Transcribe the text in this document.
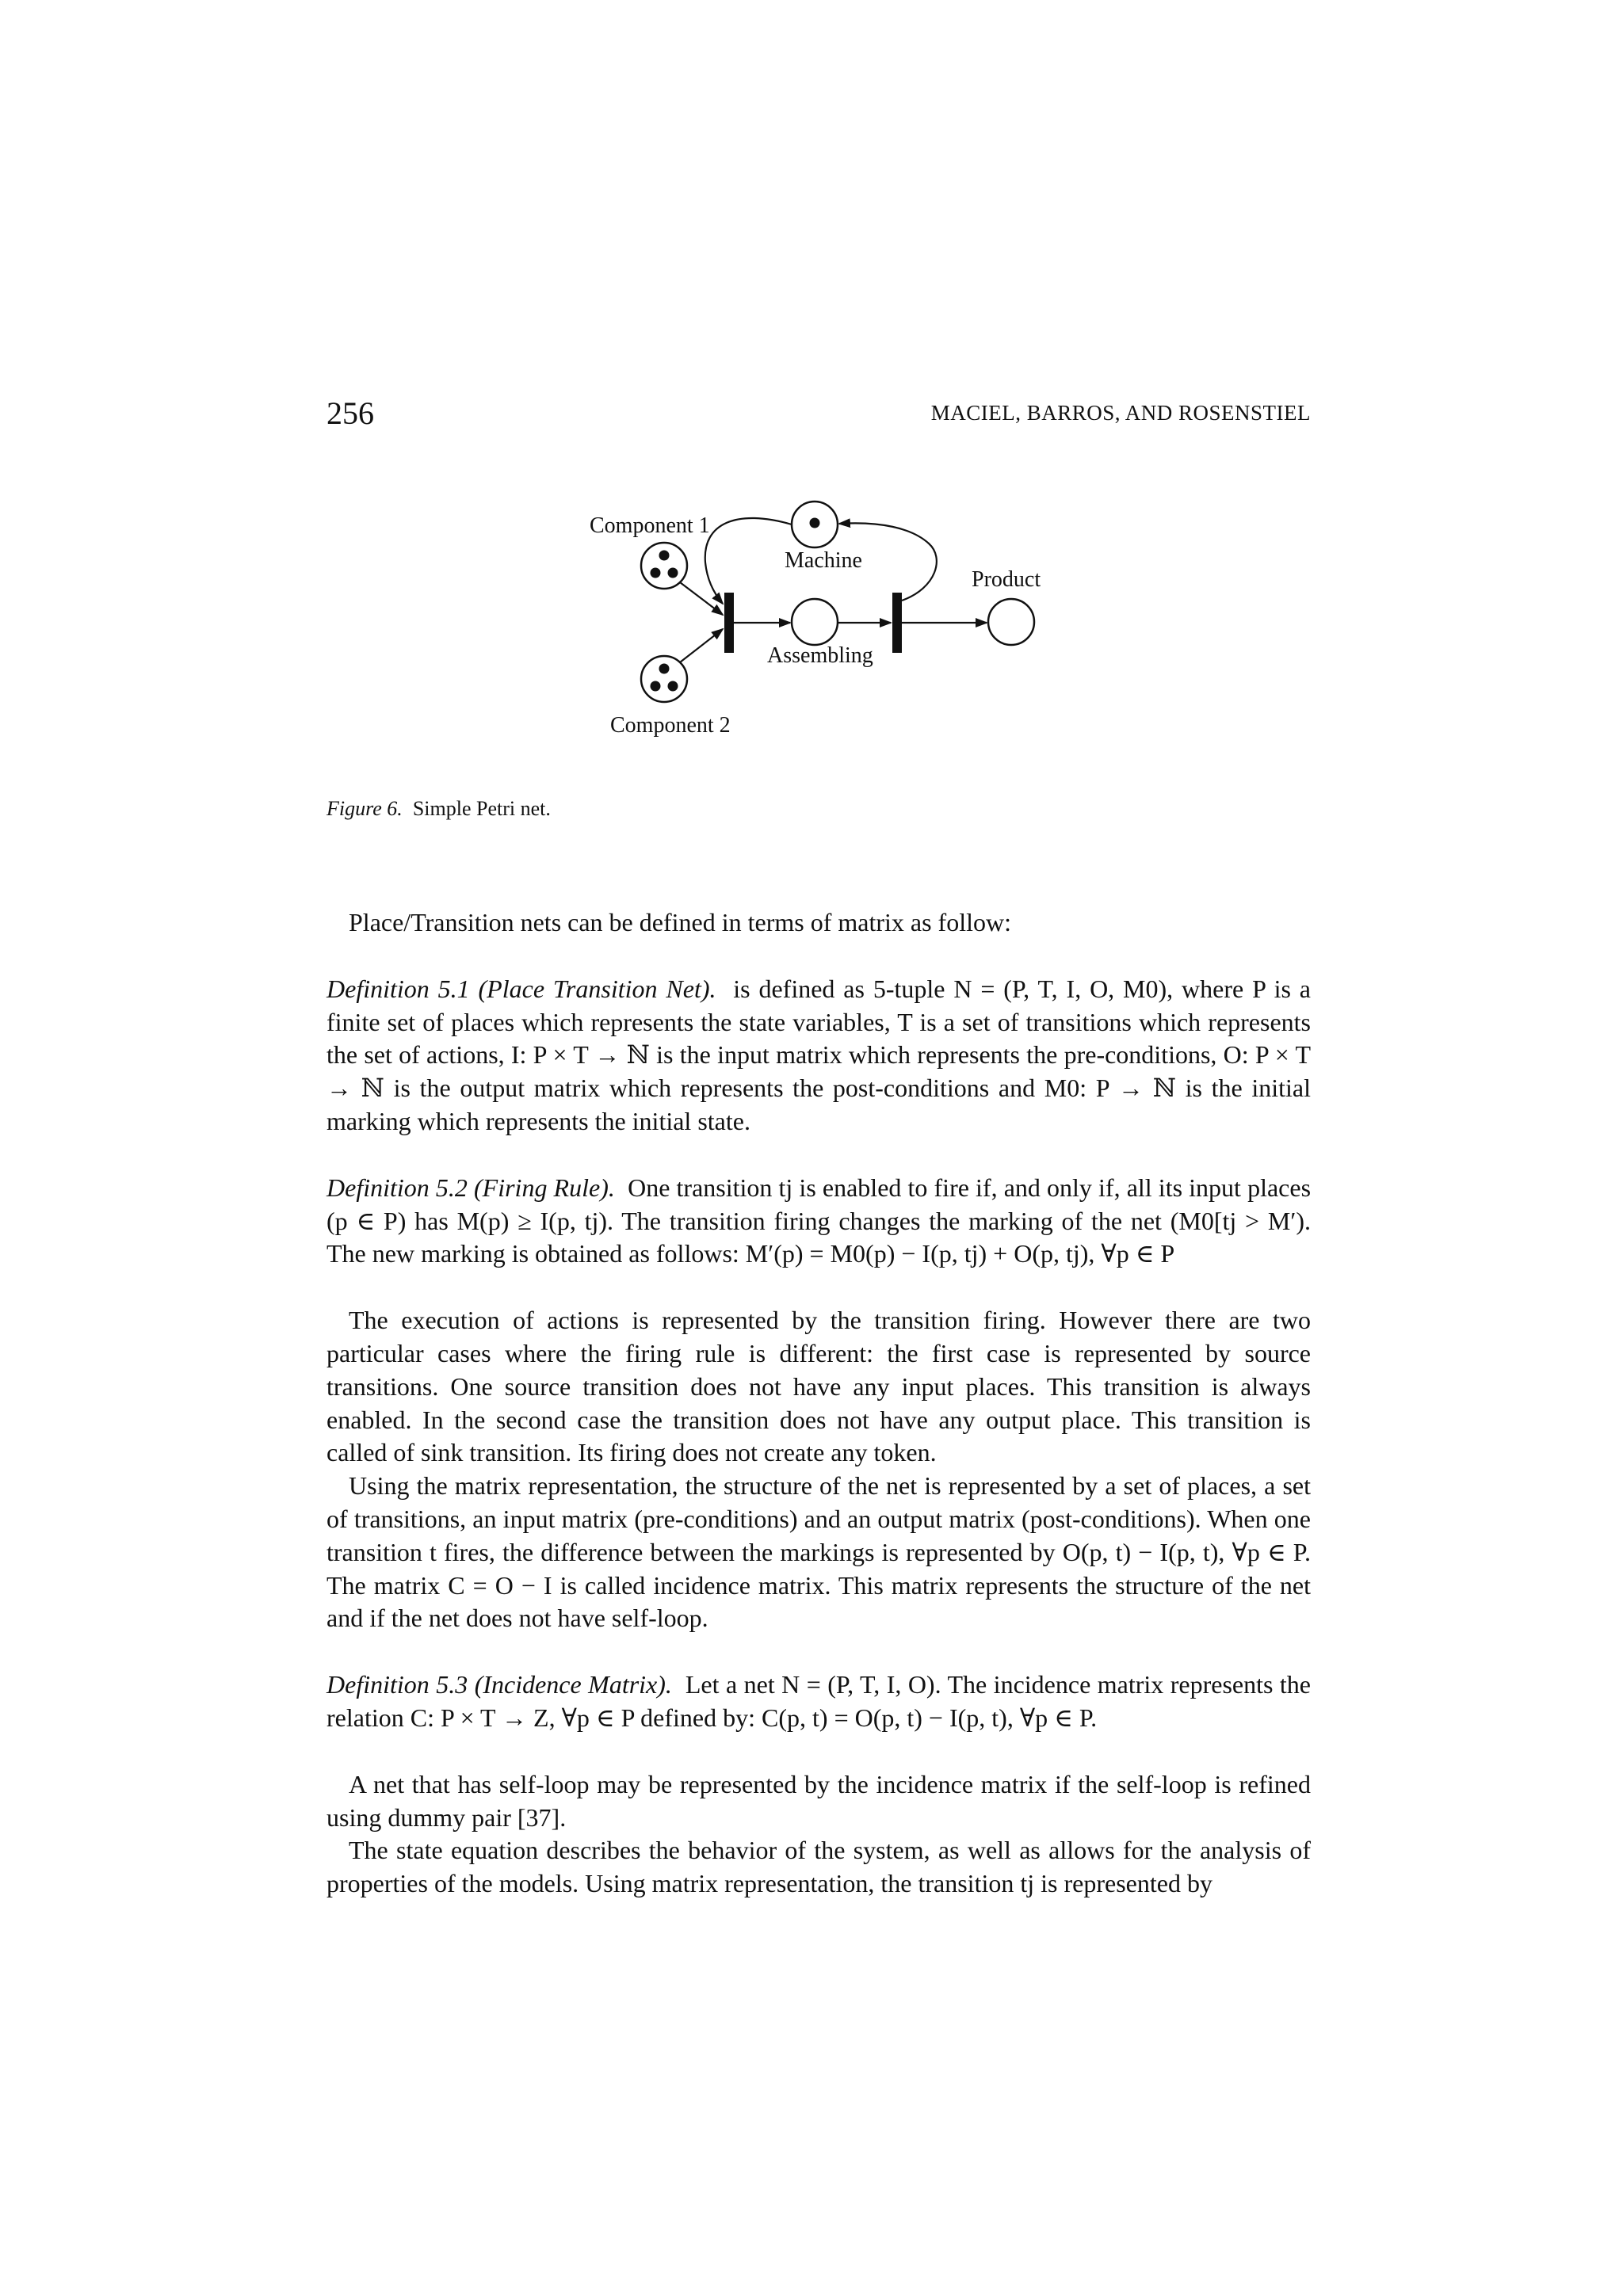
256	MACIEL, BARROS, AND ROSENSTIEL
Component 1
Component 2
Machine
Assembling
Product
Figure 6. Simple Petri net.

Place/Transition nets can be defined in terms of matrix as follow:

Definition 5.1 (Place Transition Net). is defined as 5-tuple N = (P, T, I, O, M0), where P is a finite set of places which represents the state variables, T is a set of transitions which represents the set of actions, I: P × T → ℕ is the input matrix which represents the pre-conditions, O: P × T → ℕ is the output matrix which represents the post-conditions and M0: P → ℕ is the initial marking which represents the initial state.

Definition 5.2 (Firing Rule). One transition tj is enabled to fire if, and only if, all its input places (p ∈ P) has M(p) ≥ I(p, tj). The transition firing changes the marking of the net (M0[tj > M′). The new marking is obtained as follows: M′(p) = M0(p) − I(p, tj) + O(p, tj), ∀p ∈ P

The execution of actions is represented by the transition firing. However there are two particular cases where the firing rule is different: the first case is represented by source transitions. One source transition does not have any input places. This transition is always enabled. In the second case the transition does not have any output place. This transition is called of sink transition. Its firing does not create any token.

Using the matrix representation, the structure of the net is represented by a set of places, a set of transitions, an input matrix (pre-conditions) and an output matrix (post-conditions). When one transition t fires, the difference between the markings is represented by O(p, t) − I(p, t), ∀p ∈ P. The matrix C = O − I is called incidence matrix. This matrix represents the structure of the net and if the net does not have self-loop.

Definition 5.3 (Incidence Matrix). Let a net N = (P, T, I, O). The incidence matrix represents the relation C: P × T → Z, ∀p ∈ P defined by: C(p, t) = O(p, t) − I(p, t), ∀p ∈ P.

A net that has self-loop may be represented by the incidence matrix if the self-loop is refined using dummy pair [37].

The state equation describes the behavior of the system, as well as allows for the analysis of properties of the models. Using matrix representation, the transition tj is represented by
